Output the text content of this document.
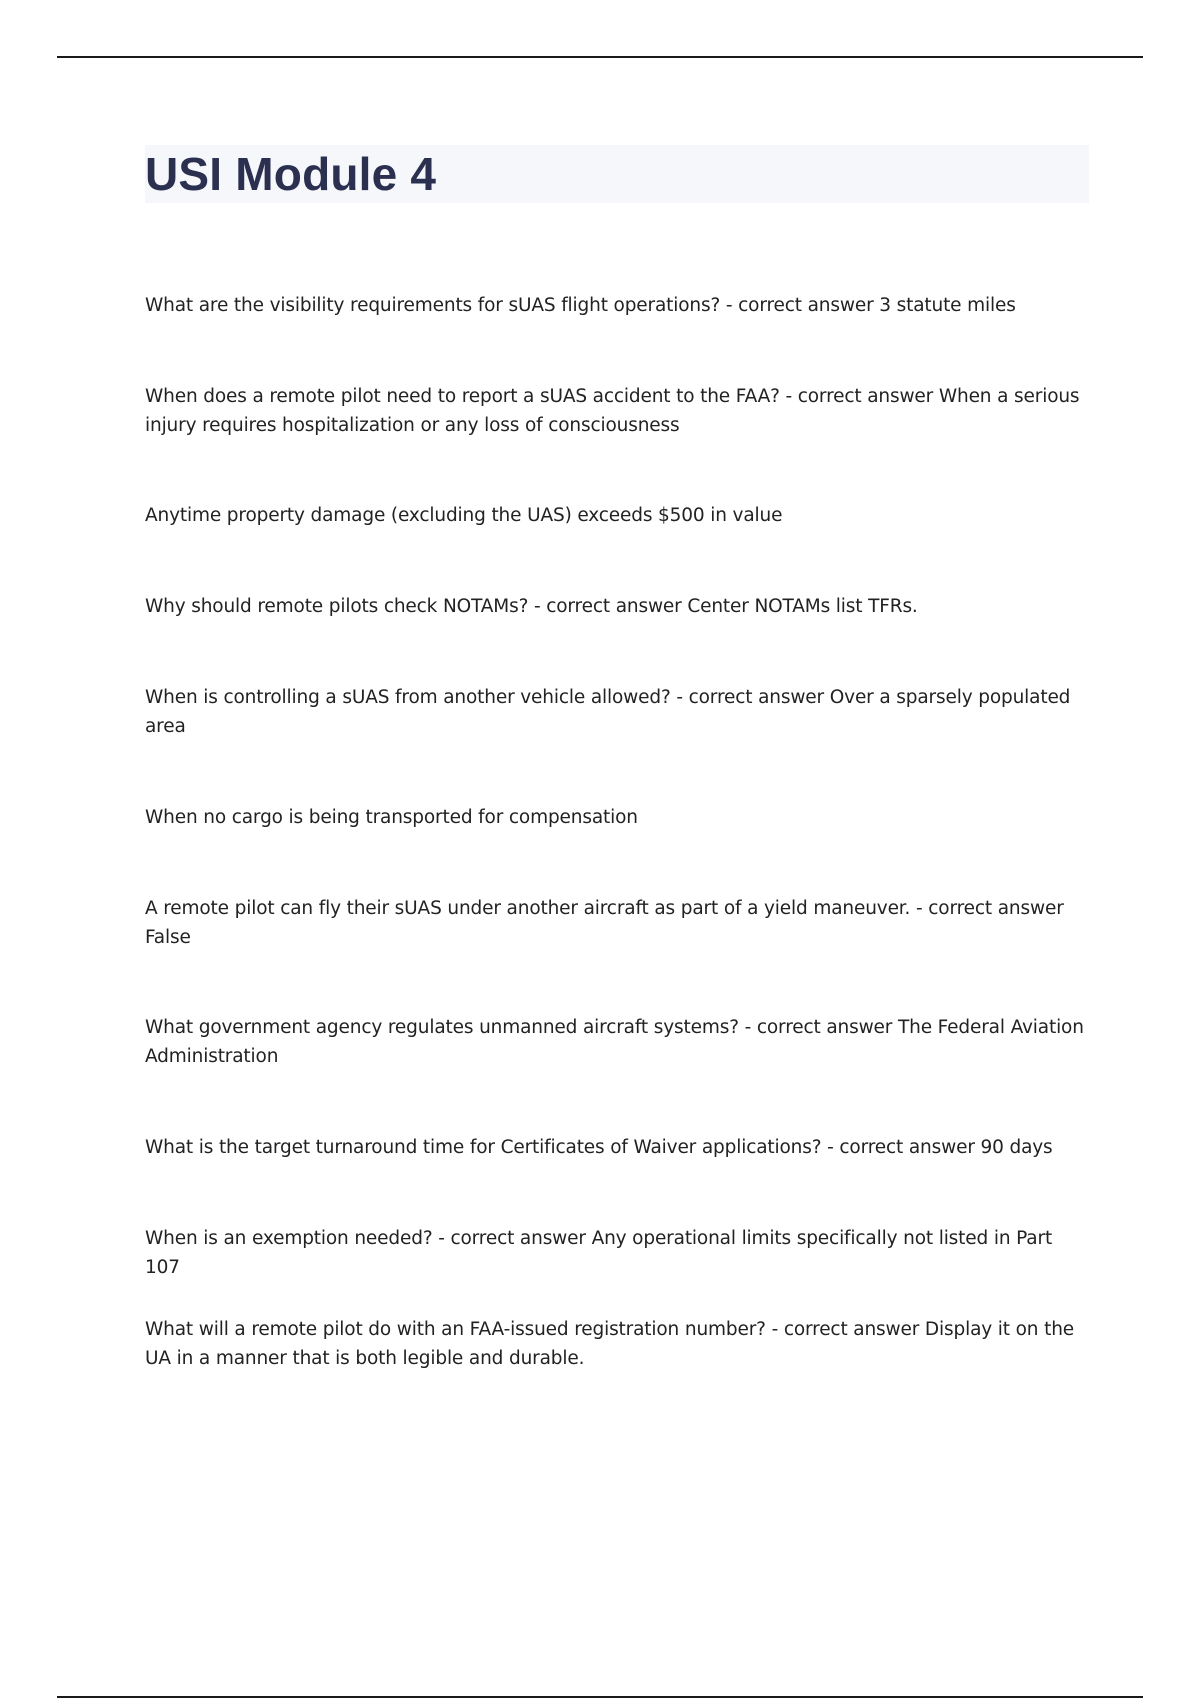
USI Module 4

What are the visibility requirements for sUAS flight operations? - correct answer 3 statute miles

When does a remote pilot need to report a sUAS accident to the FAA? - correct answer When a serious injury requires hospitalization or any loss of consciousness

Anytime property damage (excluding the UAS) exceeds $500 in value

Why should remote pilots check NOTAMs? - correct answer Center NOTAMs list TFRs.

When is controlling a sUAS from another vehicle allowed? - correct answer Over a sparsely populated area

When no cargo is being transported for compensation

A remote pilot can fly their sUAS under another aircraft as part of a yield maneuver. - correct answer False

What government agency regulates unmanned aircraft systems? - correct answer The Federal Aviation Administration

What is the target turnaround time for Certificates of Waiver applications? - correct answer 90 days

When is an exemption needed? - correct answer Any operational limits specifically not listed in Part 107

What will a remote pilot do with an FAA-issued registration number? - correct answer Display it on the UA in a manner that is both legible and durable.
